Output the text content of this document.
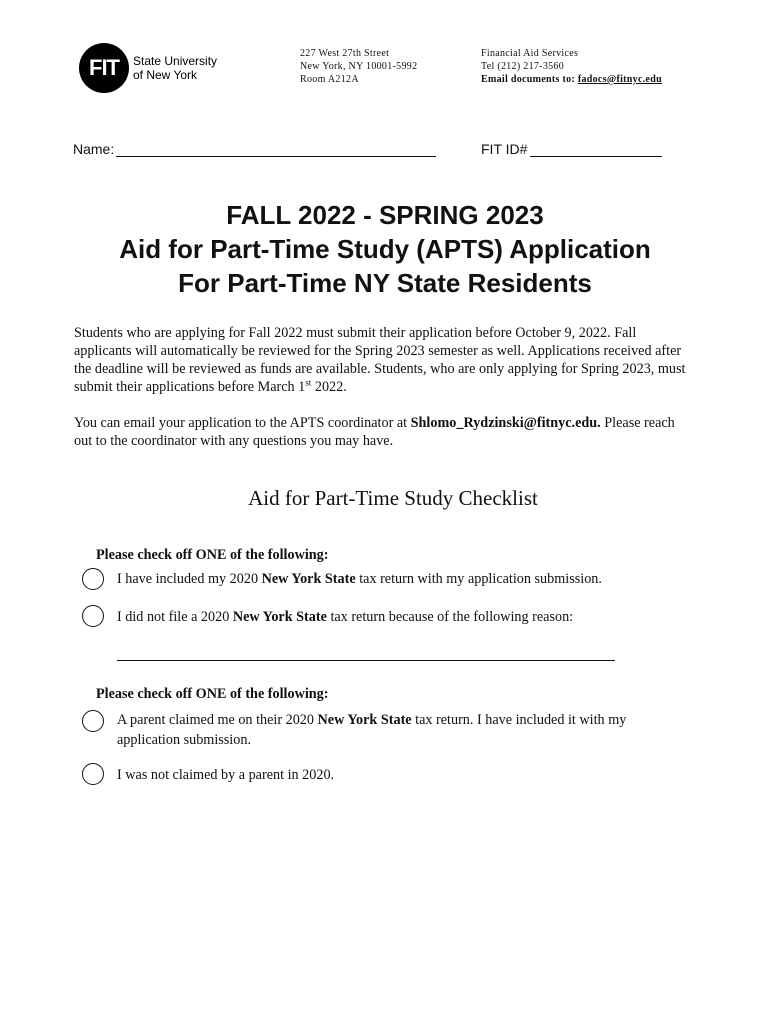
FIT	State University
of New York
227 West 27th Street
New York, NY 10001-5992
Room A212A
Financial Aid Services
Tel (212) 217-3560
Email documents to: fadocs@fitnyc.edu
Name:	FIT ID#
FALL 2022 - SPRING 2023
Aid for Part-Time Study (APTS) Application
For Part-Time NY State Residents
Students who are applying for Fall 2022 must submit their application before October 9, 2022. Fall applicants will automatically be reviewed for the Spring 2023 semester as well. Applications received after the deadline will be reviewed as funds are available. Students, who are only applying for Spring 2023, must submit their applications before March 1st 2022.
You can email your application to the APTS coordinator at Shlomo_Rydzinski@fitnyc.edu. Please reach out to the coordinator with any questions you may have.
Aid for Part-Time Study Checklist
Please check off ONE of the following:
I have included my 2020 New York State tax return with my application submission.
I did not file a 2020 New York State tax return because of the following reason:
Please check off ONE of the following:
A parent claimed me on their 2020 New York State tax return. I have included it with my application submission.
I was not claimed by a parent in 2020.
